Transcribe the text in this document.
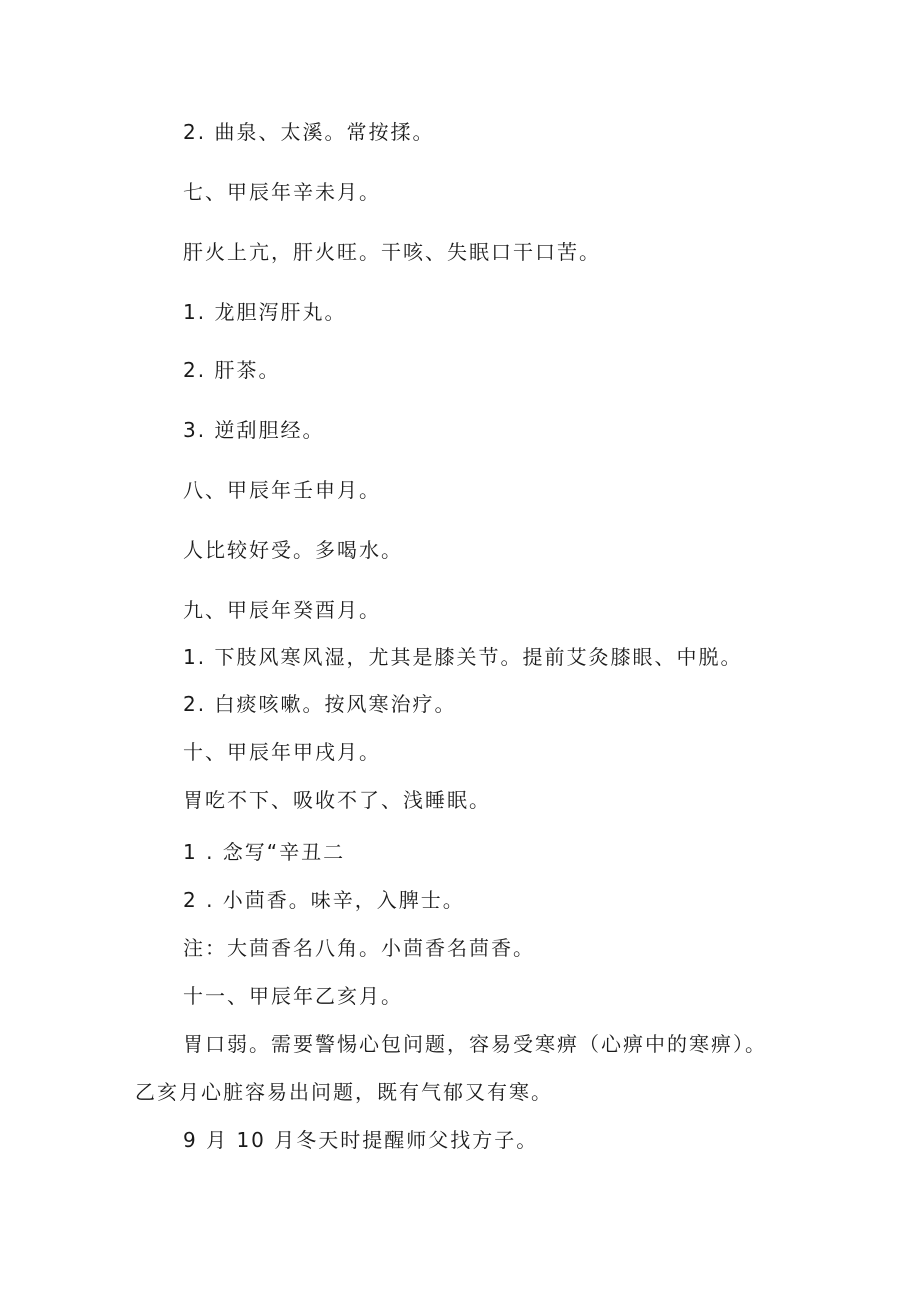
2. 曲泉、太溪。常按揉。
七、甲辰年辛未月。
肝火上亢，肝火旺。干咳、失眠口干口苦。
1. 龙胆泻肝丸。
2. 肝茶。
3. 逆刮胆经。
八、甲辰年壬申月。
人比较好受。多喝水。
九、甲辰年癸酉月。
1. 下肢风寒风湿，尤其是膝关节。提前艾灸膝眼、中脱。
2. 白痰咳嗽。按风寒治疗。
十、甲辰年甲戌月。
胃吃不下、吸收不了、浅睡眠。
1 . 念写“辛丑二
2 . 小茴香。味辛，入脾士。
注：大茴香名八角。小茴香名茴香。
十一、甲辰年乙亥月。
胃口弱。需要警惕心包问题，容易受寒痹（心痹中的寒痹）。
乙亥月心脏容易出问题，既有气郁又有寒。
9 月 10 月冬天时提醒师父找方子。
